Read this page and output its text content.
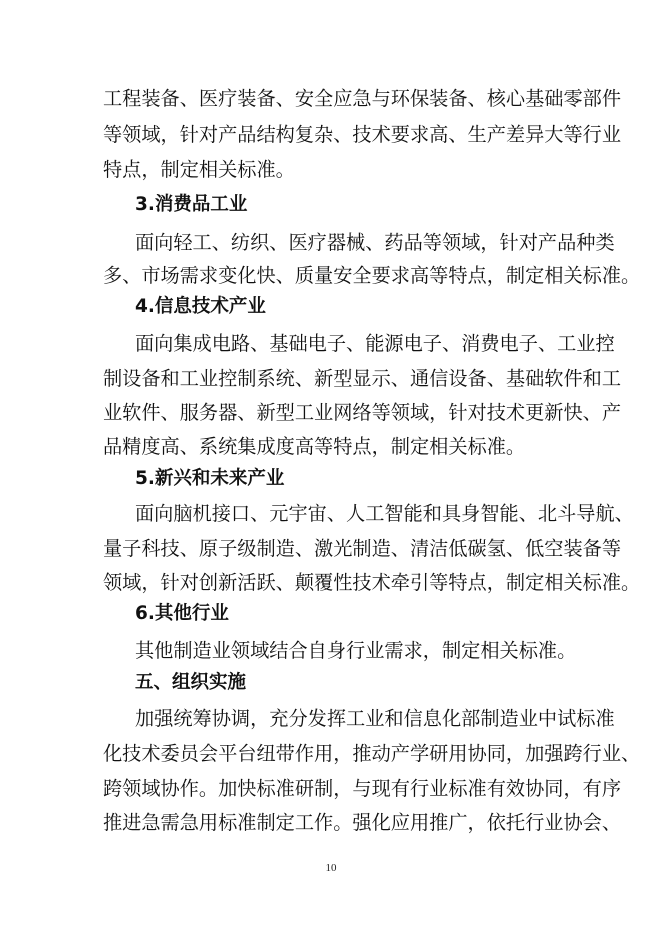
工程装备、医疗装备、安全应急与环保装备、核心基础零部件
等领域，针对产品结构复杂、技术要求高、生产差异大等行业
特点，制定相关标准。
3.消费品工业
面向轻工、纺织、医疗器械、药品等领域，针对产品种类
多、市场需求变化快、质量安全要求高等特点，制定相关标准。
4.信息技术产业
面向集成电路、基础电子、能源电子、消费电子、工业控
制设备和工业控制系统、新型显示、通信设备、基础软件和工
业软件、服务器、新型工业网络等领域，针对技术更新快、产
品精度高、系统集成度高等特点，制定相关标准。
5.新兴和未来产业
面向脑机接口、元宇宙、人工智能和具身智能、北斗导航、
量子科技、原子级制造、激光制造、清洁低碳氢、低空装备等
领域，针对创新活跃、颠覆性技术牵引等特点，制定相关标准。
6.其他行业
其他制造业领域结合自身行业需求，制定相关标准。
五、组织实施
加强统筹协调，充分发挥工业和信息化部制造业中试标准
化技术委员会平台纽带作用，推动产学研用协同，加强跨行业、
跨领域协作。加快标准研制，与现有行业标准有效协同，有序
推进急需急用标准制定工作。强化应用推广，依托行业协会、
10
